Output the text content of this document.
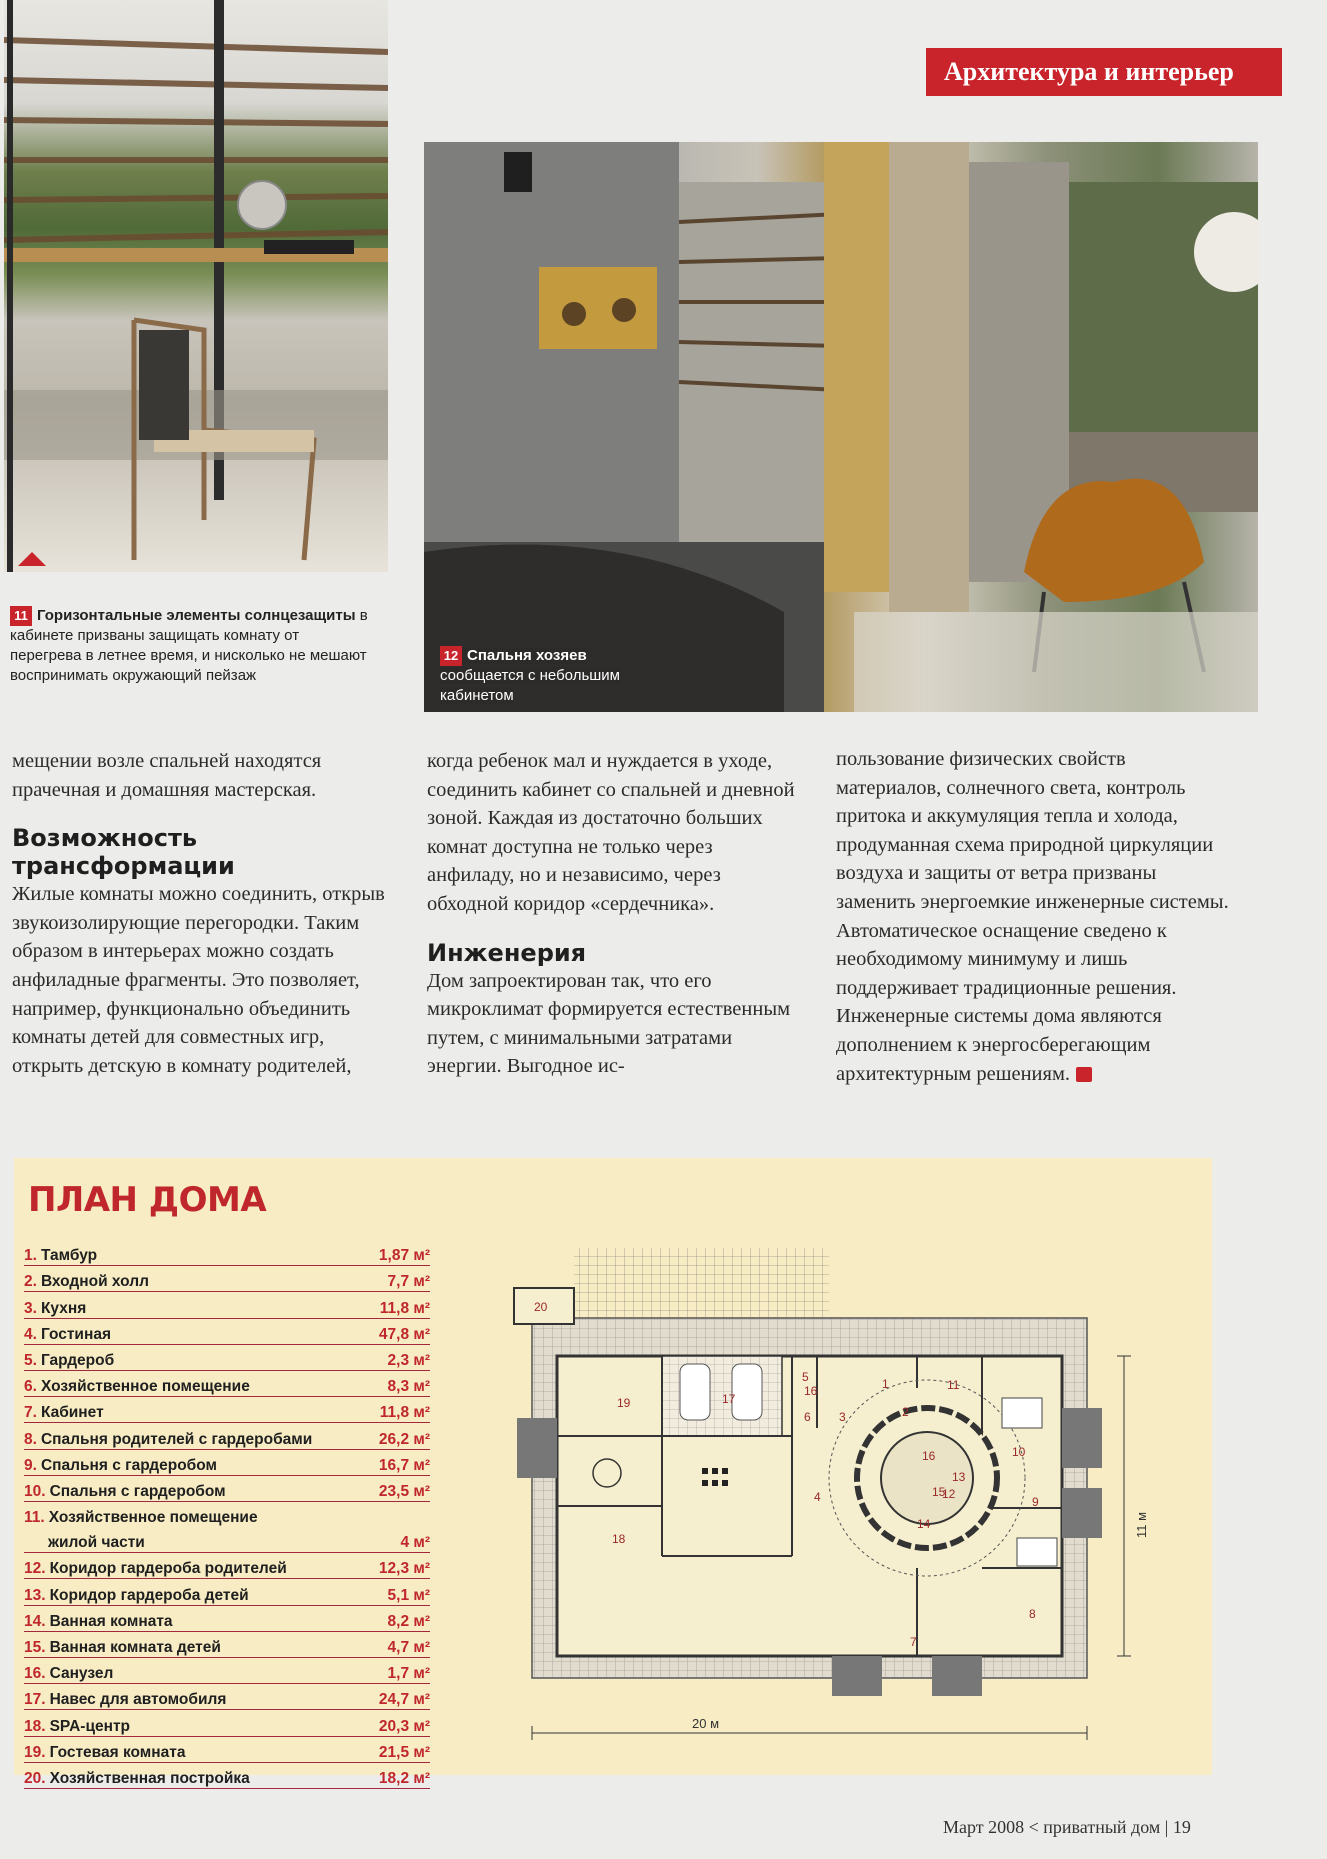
Архитектура и интерьер
11 Горизонтальные элементы солнцезащиты в кабинете призваны защищать комнату от перегрева в летнее время, и нисколько не мешают воспринимать окружающий пейзаж
12 Спальня хозяев сообщается с небольшим кабинетом

мещении возле спальней находятся прачечная и домашняя мастерская.

Возможность трансформации

Жилые комнаты можно соединить, открыв звукоизолирующие перегородки. Таким образом в интерьерах можно создать анфиладные фрагменты. Это позволяет, например, функционально объединить комнаты детей для совместных игр, открыть детскую в комнату родителей,

когда ребенок мал и нуждается в уходе, соединить кабинет со спальней и дневной зоной. Каждая из достаточно больших комнат доступна не только через анфиладу, но и независимо, через обходной коридор «сердечника».

Инженерия

Дом запроектирован так, что его микроклимат формируется естественным путем, с минимальными затратами энергии. Выгодное ис-

пользование физических свойств материалов, солнечного света, контроль притока и аккумуляция тепла и холода, продуманная схема природной циркуляции воздуха и защиты от ветра призваны заменить энергоемкие инженерные системы. Автоматическое оснащение сведено к необходимому минимуму и лишь поддерживает традиционные решения. Инженерные системы дома являются дополнением к энергосберегающим архитектурным решениям.

ПЛАН ДОМА
1. Тамбур	1,87 м²
2. Входной холл	7,7 м²
3. Кухня	11,8 м²
4. Гостиная	47,8 м²
5. Гардероб	2,3 м²
6. Хозяйственное помещение	8,3 м²
7. Кабинет	11,8 м²
8. Спальня родителей с гардеробами	26,2 м²
9. Спальня с гардеробом	16,7 м²
10. Спальня с гардеробом	23,5 м²
11. Хозяйственное помещение
жилой части	4 м²
12. Коридор гардероба родителей	12,3 м²
13. Коридор гардероба детей	5,1 м²
14. Ванная комната	8,2 м²
15. Ванная комната детей	4,7 м²
16. Санузел	1,7 м²
17. Навес для автомобиля	24,7 м²
18. SPA-центр	20,3 м²
19. Гостевая комната	21,5 м²
20. Хозяйственная постройка	18,2 м²
20
19
18
17
16
5
6 3
4
2
1	11
10
9
8
7
12
13
14
15
16
20 м
11 м
Март 2008 < приватный дом | 19
